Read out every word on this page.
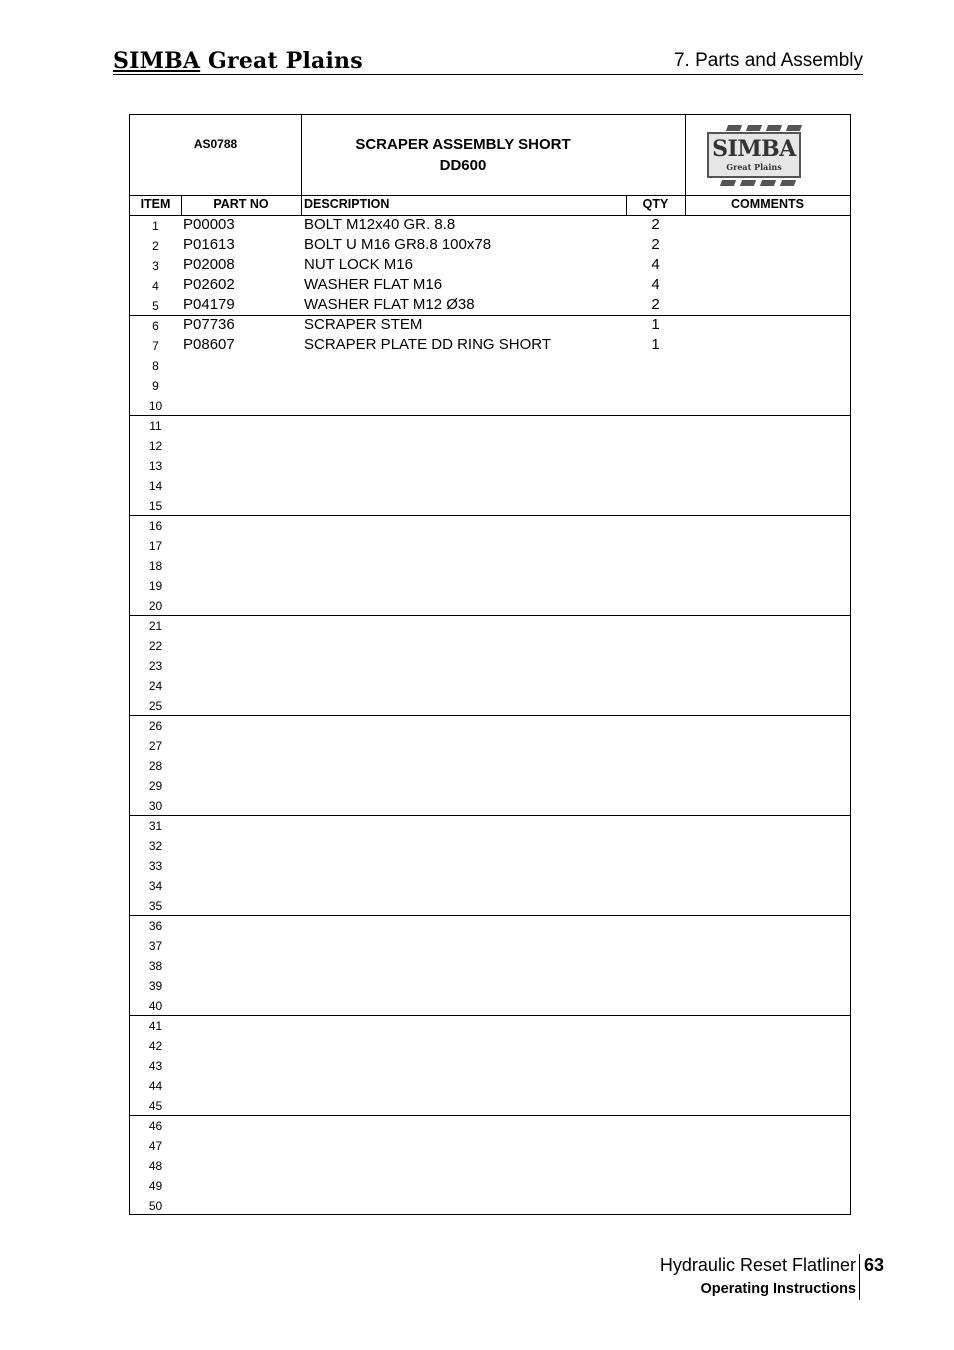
SIMBA Great Plains	7. Parts and Assembly
AS0788	SCRAPER ASSEMBLY SHORT
DD600
SIMBA
Great Plains
ITEM	PART NO	DESCRIPTION	QTY	COMMENTS
1	P00003	BOLT M12x40 GR. 8.8	2
2	P01613	BOLT U M16 GR8.8 100x78	2
3	P02008	NUT LOCK M16	4
4	P02602	WASHER FLAT M16	4
5	P04179	WASHER FLAT M12 Ø38	2
6	P07736	SCRAPER STEM	1
7	P08607	SCRAPER PLATE DD RING SHORT	1
8
9
10
11
12
13
14
15
16
17
18
19
20
21
22
23
24
25
26
27
28
29
30
31
32
33
34
35
36
37
38
39
40
41
42
43
44
45
46
47
48
49
50
Hydraulic Reset Flatliner
Operating Instructions
63
